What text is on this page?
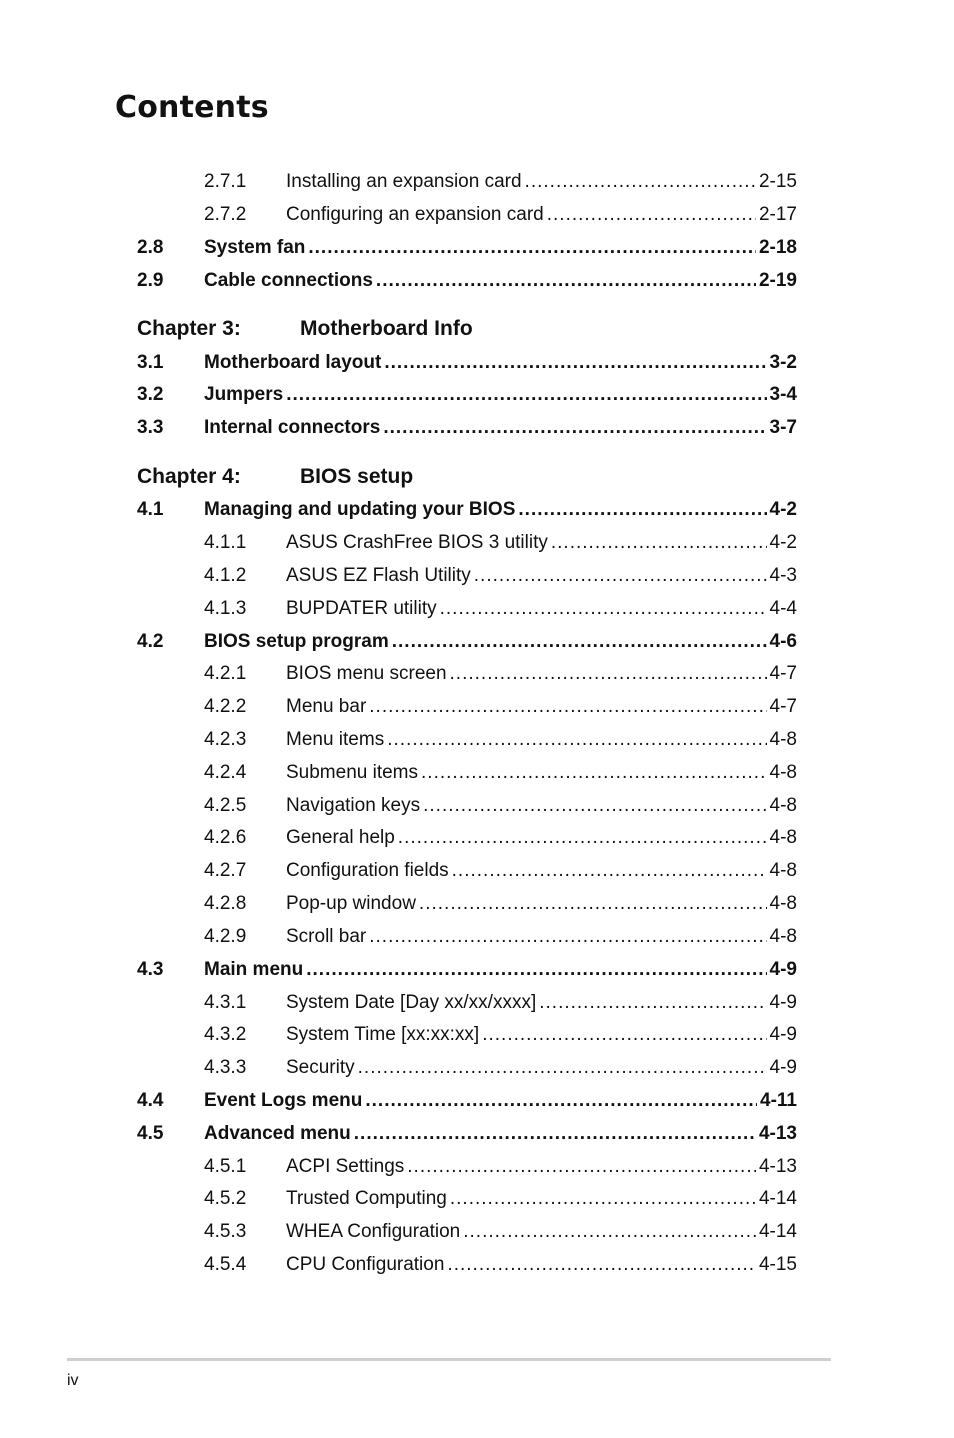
Contents
2.7.1 Installing an expansion card .....	2-15
2.7.2 Configuring an expansion card .....	2-17
2.8 System fan .....	2-18
2.9 Cable connections .....	2-19
Chapter 3:	Motherboard Info
3.1 Motherboard layout .....	3-2
3.2 Jumpers .....	3-4
3.3 Internal connectors .....	3-7
Chapter 4:	BIOS setup
4.1 Managing and updating your BIOS .....	4-2
4.1.1 ASUS CrashFree BIOS 3 utility .....	4-2
4.1.2 ASUS EZ Flash Utility .....	4-3
4.1.3 BUPDATER utility .....	4-4
4.2 BIOS setup program .....	4-6
4.2.1 BIOS menu screen .....	4-7
4.2.2 Menu bar .....	4-7
4.2.3 Menu items .....	4-8
4.2.4 Submenu items .....	4-8
4.2.5 Navigation keys .....	4-8
4.2.6 General help .....	4-8
4.2.7 Configuration fields .....	4-8
4.2.8 Pop-up window .....	4-8
4.2.9 Scroll bar .....	4-8
4.3 Main menu .....	4-9
4.3.1 System Date [Day xx/xx/xxxx] .....	4-9
4.3.2 System Time [xx:xx:xx] .....	4-9
4.3.3 Security .....	4-9
4.4 Event Logs menu .....	4-11
4.5 Advanced menu .....	4-13
4.5.1 ACPI Settings .....	4-13
4.5.2 Trusted Computing .....	4-14
4.5.3 WHEA Configuration .....	4-14
4.5.4 CPU Configuration .....	4-15
iv
